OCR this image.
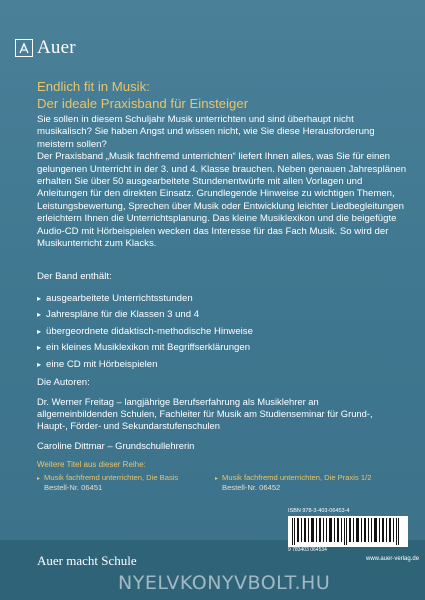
Auer
Endlich fit in Musik:
Der ideale Praxisband für Einsteiger

Sie sollen in diesem Schuljahr Musik unterrichten und sind überhaupt nicht musikalisch? Sie haben Angst und wissen nicht, wie Sie diese Herausforderung meistern sollen?
Der Praxisband „Musik fachfremd unterrichten“ liefert Ihnen alles, was Sie für einen gelungenen Unterricht in der 3. und 4. Klasse brauchen. Neben genauen Jahresplänen erhalten Sie über 50 ausgearbeitete Stundenentwürfe mit allen Vorlagen und Anleitungen für den direkten Einsatz. Grundlegende Hinweise zu wichtigen Themen, Leistungsbewertung, Sprechen über Musik oder Entwicklung leichter Liedbegleitungen erleichtern Ihnen die Unterrichtsplanung. Das kleine Musiklexikon und die beigefügte Audio-CD mit Hörbeispielen wecken das Interesse für das Fach Musik. So wird der Musikunterricht zum Klacks.

Der Band enthält:
▸ ausgearbeitete Unterrichtsstunden
▸ Jahrespläne für die Klassen 3 und 4
▸ übergeordnete didaktisch-methodische Hinweise
▸ ein kleines Musiklexikon mit Begriffserklärungen
▸ eine CD mit Hörbeispielen
Die Autoren:
Dr. Werner Freitag – langjährige Berufserfahrung als Musiklehrer an allgemeinbildenden Schulen, Fachleiter für Musik am Studienseminar für Grund-, Haupt-, Förder- und Sekundarstufenschulen
Caroline Dittmar – Grundschullehrerin
Weitere Titel aus dieser Reihe:
▸ Musik fachfremd unterrichten, Die Basis
Bestell-Nr. 06451
▸ Musik fachfremd unterrichten, Die Praxis 1/2
Bestell-Nr. 06452
ISBN 978-3-403-06453-4
9 783403 064534
Auer macht Schule	www.auer-verlag.de
NYELVKONYVBOLT.HU
